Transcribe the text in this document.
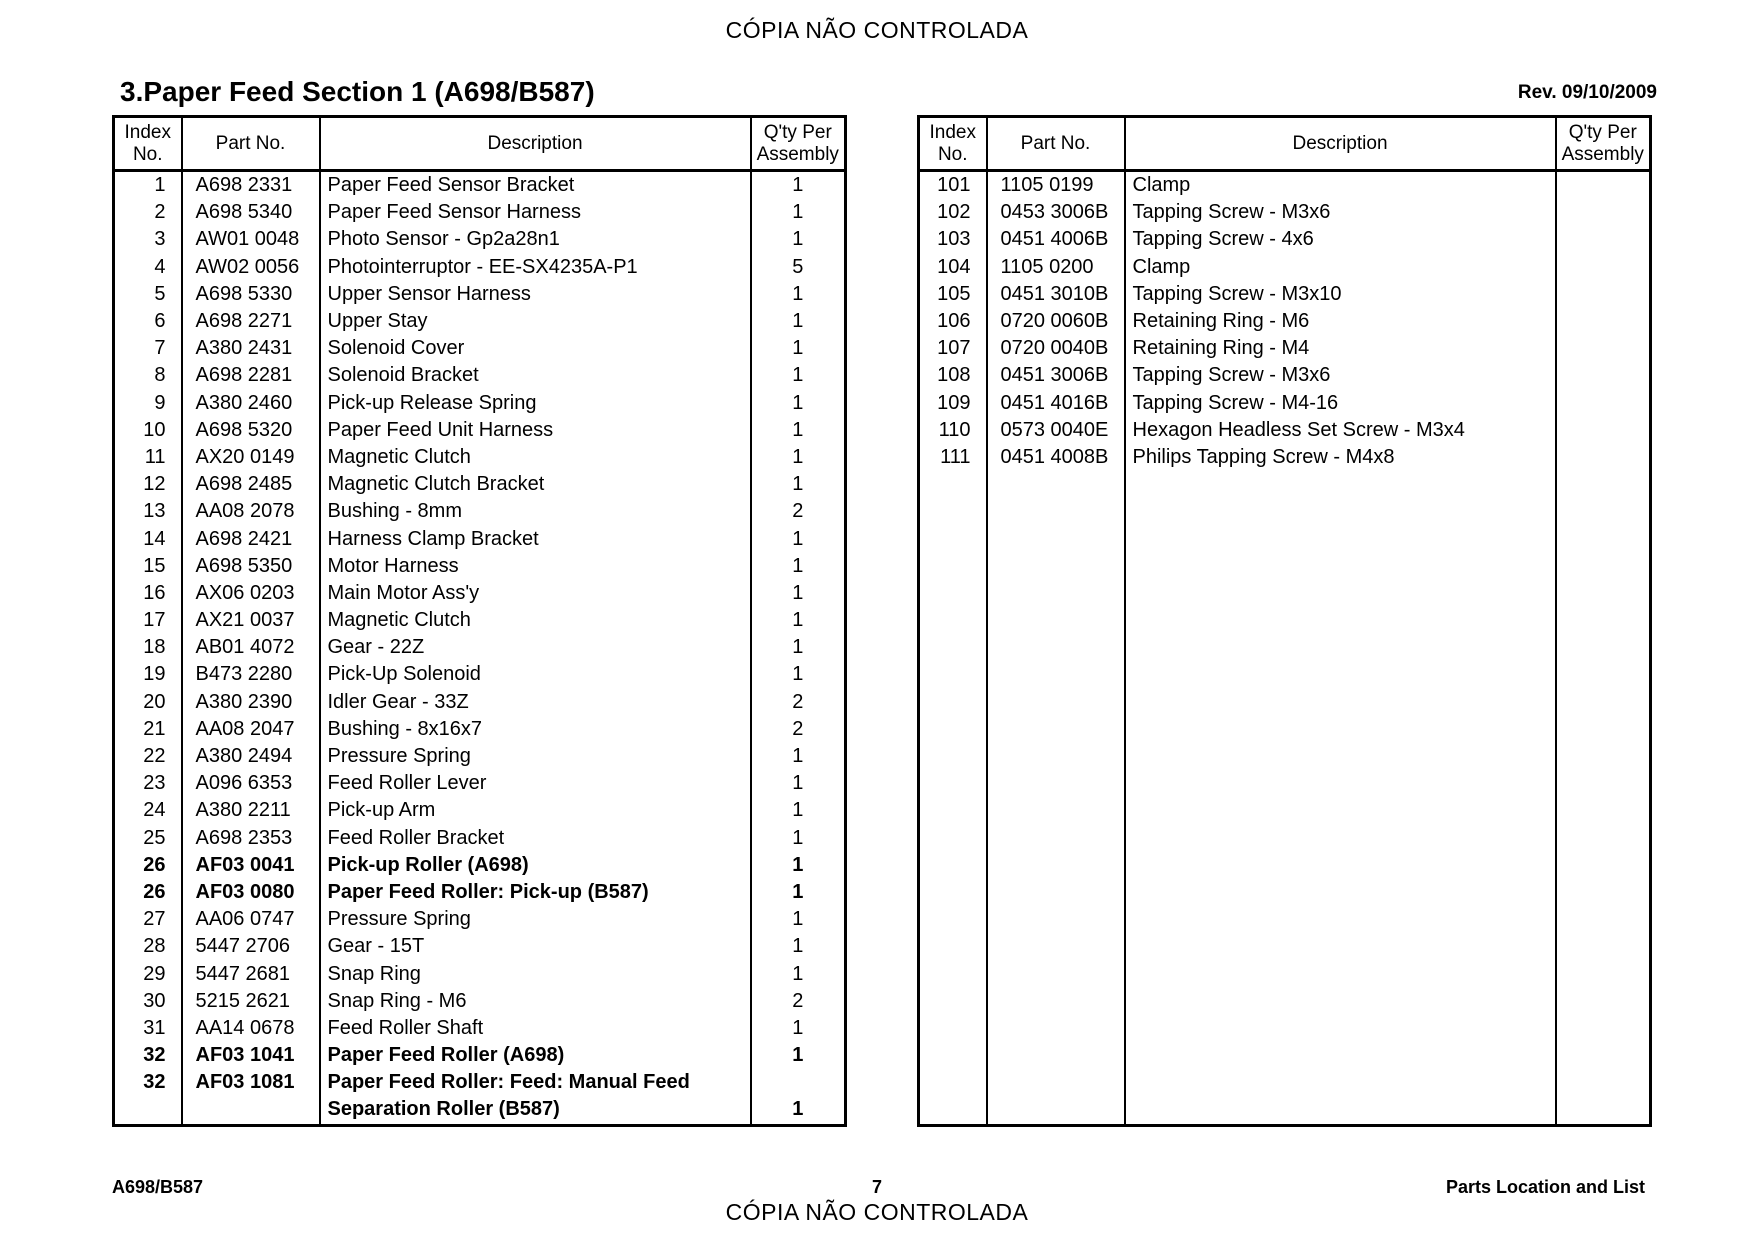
CÓPIA NÃO CONTROLADA
3.Paper Feed Section 1 (A698/B587)	Rev. 09/10/2009
Index No.	Part No.	Description	Q'ty Per Assembly
1	A698 2331	Paper Feed Sensor Bracket	1
2	A698 5340	Paper Feed Sensor Harness	1
3	AW01 0048	Photo Sensor - Gp2a28n1	1
4	AW02 0056	Photointerruptor - EE-SX4235A-P1	5
5	A698 5330	Upper Sensor Harness	1
6	A698 2271	Upper Stay	1
7	A380 2431	Solenoid Cover	1
8	A698 2281	Solenoid Bracket	1
9	A380 2460	Pick-up Release Spring	1
10	A698 5320	Paper Feed Unit Harness	1
11	AX20 0149	Magnetic Clutch	1
12	A698 2485	Magnetic Clutch Bracket	1
13	AA08 2078	Bushing - 8mm	2
14	A698 2421	Harness Clamp Bracket	1
15	A698 5350	Motor Harness	1
16	AX06 0203	Main Motor Ass'y	1
17	AX21 0037	Magnetic Clutch	1
18	AB01 4072	Gear - 22Z	1
19	B473 2280	Pick-Up Solenoid	1
20	A380 2390	Idler Gear - 33Z	2
21	AA08 2047	Bushing - 8x16x7	2
22	A380 2494	Pressure Spring	1
23	A096 6353	Feed Roller Lever	1
24	A380 2211	Pick-up Arm	1
25	A698 2353	Feed Roller Bracket	1
26	AF03 0041	Pick-up Roller (A698)	1
26	AF03 0080	Paper Feed Roller: Pick-up (B587)	1
27	AA06 0747	Pressure Spring	1
28	5447 2706	Gear - 15T	1
29	5447 2681	Snap Ring	1
30	5215 2621	Snap Ring - M6	2
31	AA14 0678	Feed Roller Shaft	1
32	AF03 1041	Paper Feed Roller (A698)	1
32	AF03 1081	Paper Feed Roller: Feed: Manual Feed	
		Separation Roller (B587)	1
Index No.	Part No.	Description	Q'ty Per Assembly
101	1105 0199	Clamp	
102	0453 3006B	Tapping Screw - M3x6	
103	0451 4006B	Tapping Screw - 4x6	
104	1105 0200	Clamp	
105	0451 3010B	Tapping Screw - M3x10	
106	0720 0060B	Retaining Ring - M6	
107	0720 0040B	Retaining Ring - M4	
108	0451 3006B	Tapping Screw - M3x6	
109	0451 4016B	Tapping Screw - M4-16	
110	0573 0040E	Hexagon Headless Set Screw - M3x4	
111	0451 4008B	Philips Tapping Screw - M4x8	

A698/B587	7	Parts Location and List
CÓPIA NÃO CONTROLADA
